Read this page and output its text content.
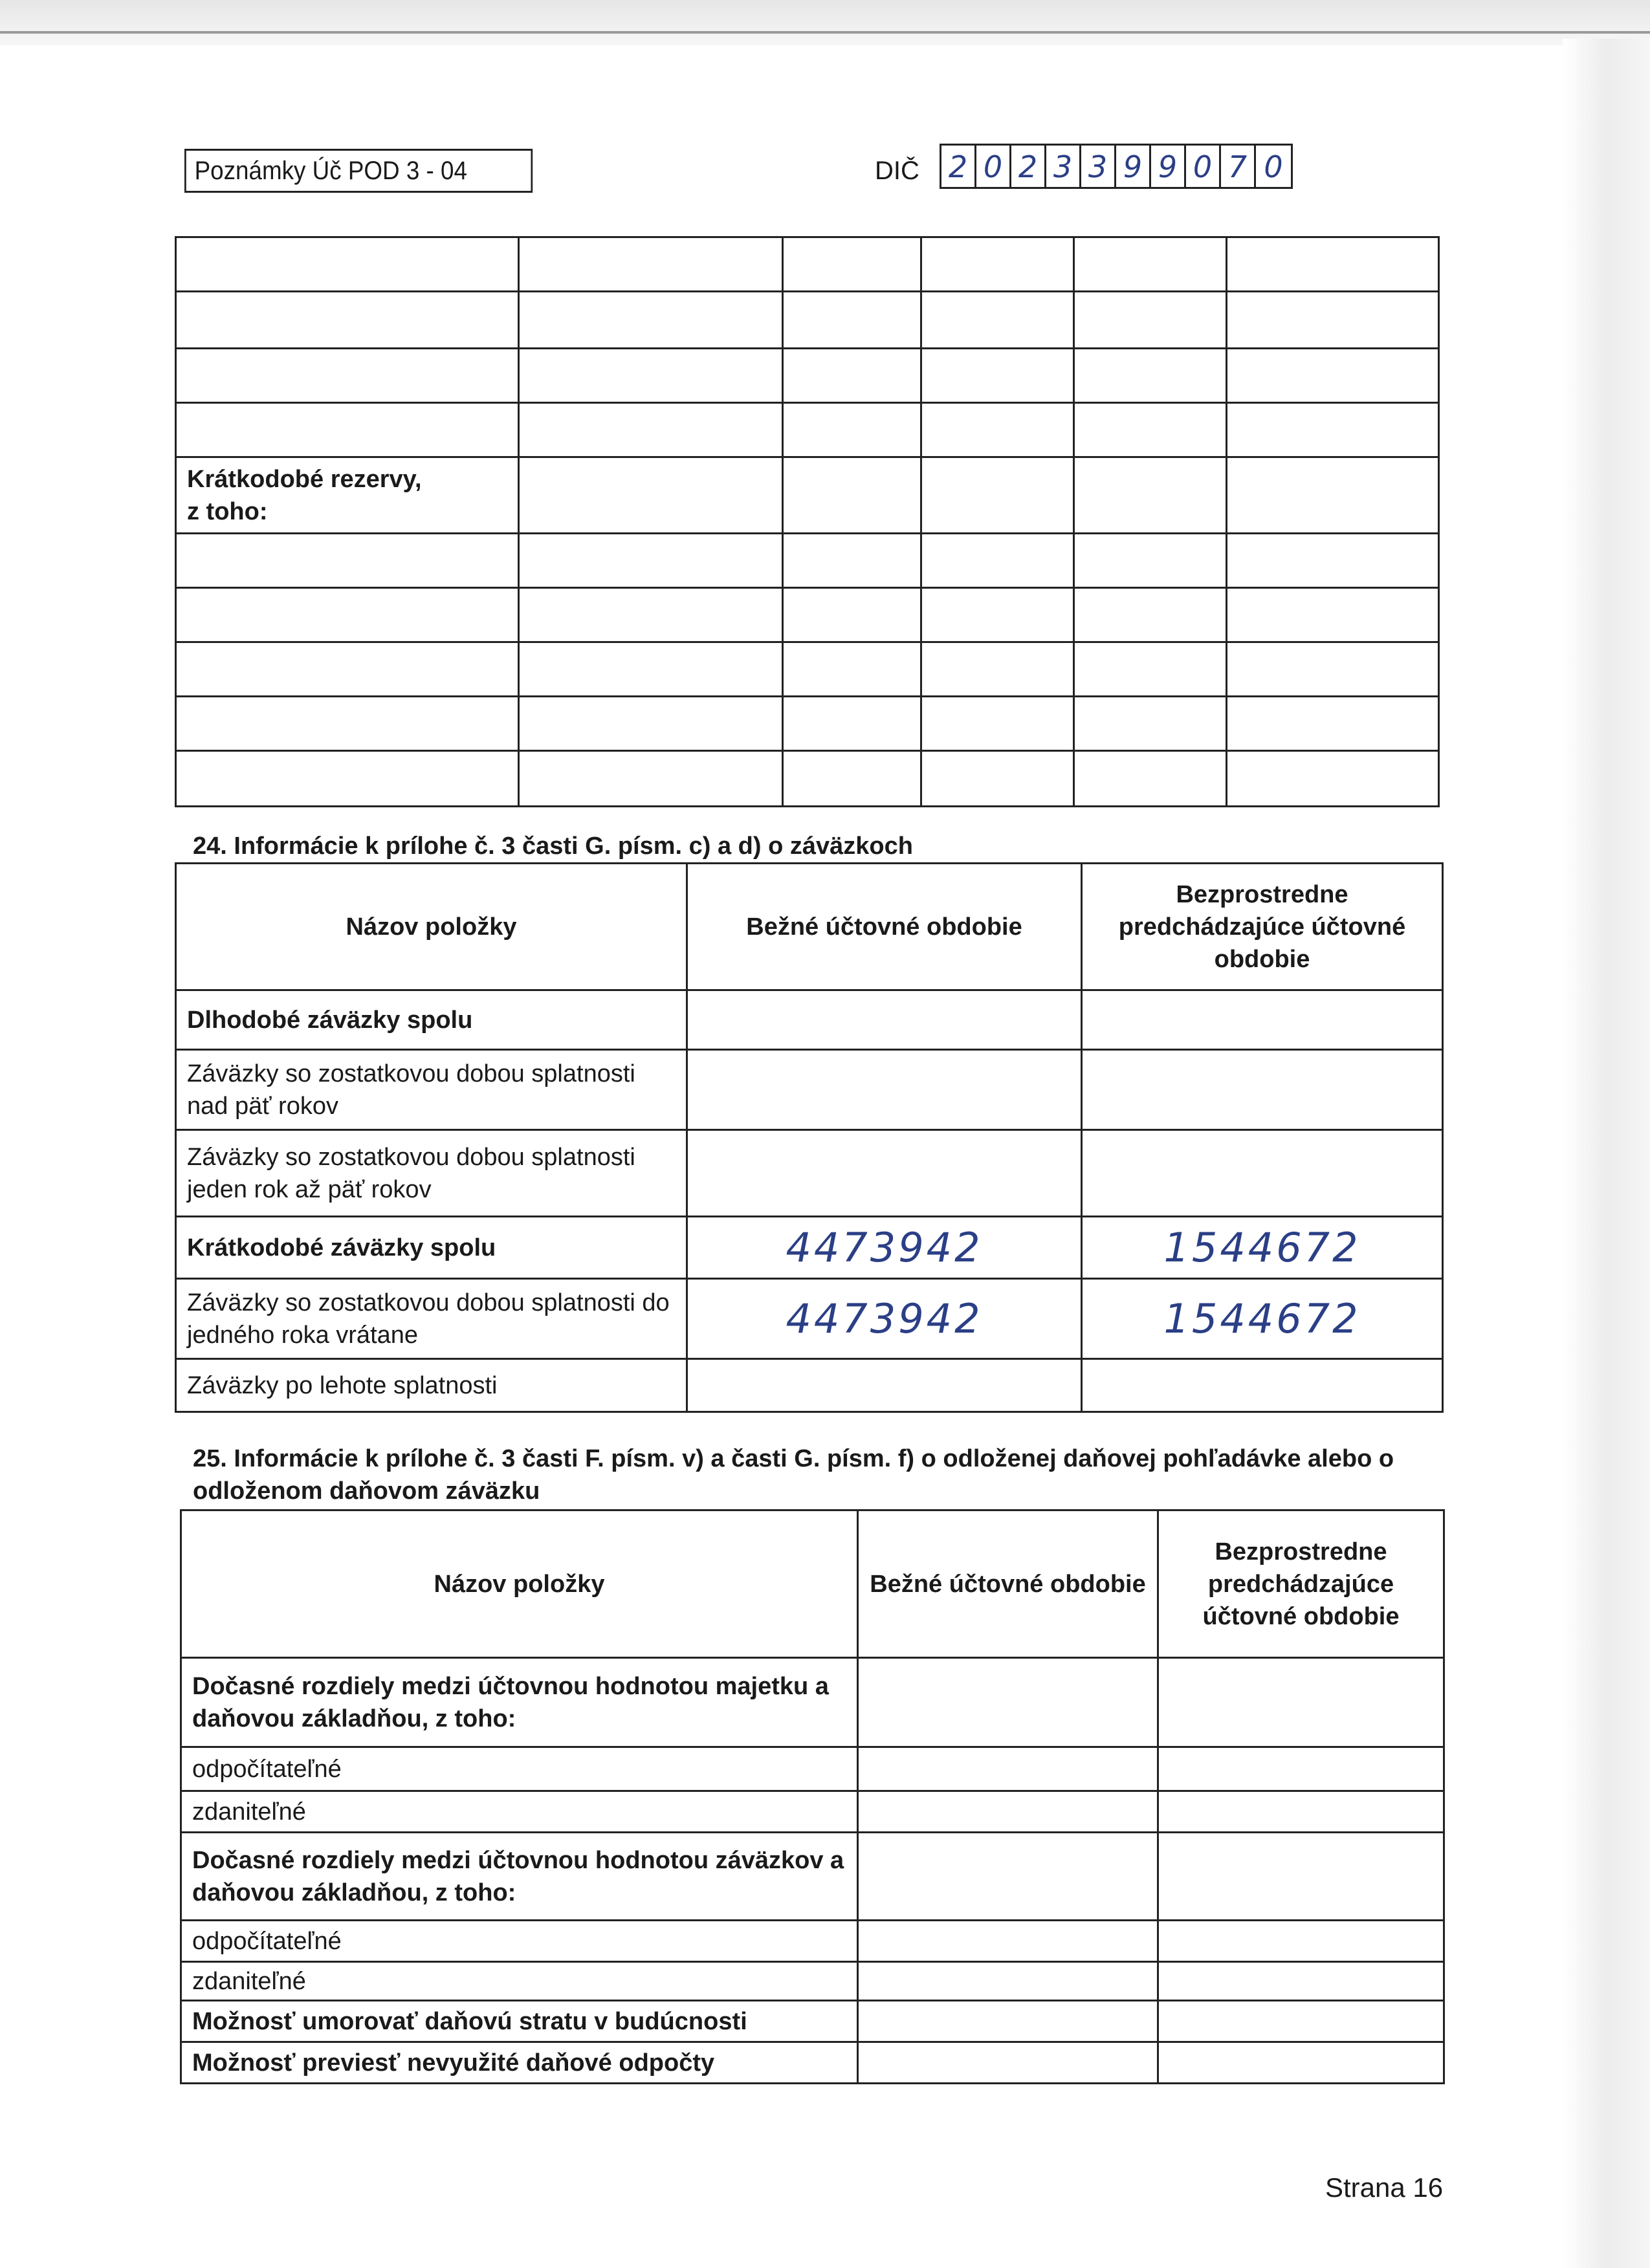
Poznámky Úč POD 3 - 04	DIČ 2 0 2 3 3 9 9 0 7 0

Krátkodobé rezervy,
z toho:					

24. Informácie k prílohe č. 3 časti G. písm. c) a d) o záväzkoch
Názov položky	Bežné účtovné obdobie	Bezprostredne predchádzajúce účtovné obdobie
Dlhodobé záväzky spolu		
Záväzky so zostatkovou dobou splatnosti nad päť rokov		
Záväzky so zostatkovou dobou splatnosti jeden rok až päť rokov		
Krátkodobé záväzky spolu	4473942	1544672
Záväzky so zostatkovou dobou splatnosti do jedného roka vrátane	4473942	1544672
Záväzky po lehote splatnosti		
25. Informácie k prílohe č. 3 časti F. písm. v) a časti G. písm. f) o odloženej daňovej pohľadávke alebo o odloženom daňovom záväzku
Názov položky	Bežné účtovné obdobie	Bezprostredne predchádzajúce účtovné obdobie
Dočasné rozdiely medzi účtovnou hodnotou majetku a daňovou základňou, z toho:		
odpočítateľné		
zdaniteľné		
Dočasné rozdiely medzi účtovnou hodnotou záväzkov a daňovou základňou, z toho:		
odpočítateľné		
zdaniteľné		
Možnosť umorovať daňovú stratu v budúcnosti		
Možnosť previesť nevyužité daňové odpočty		
Strana 16
